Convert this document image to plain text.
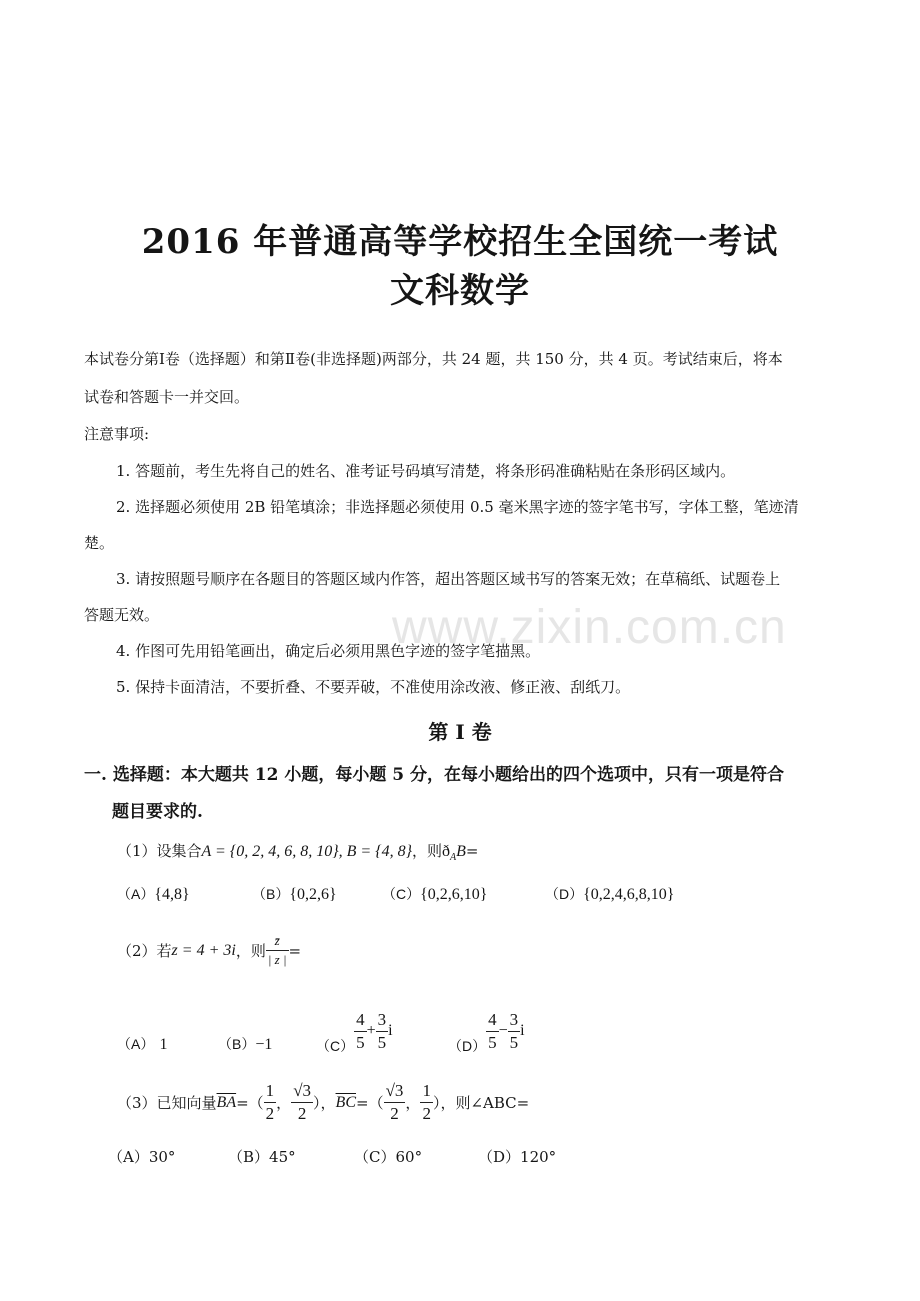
www.zixin.com.cn
2016 年普通高等学校招生全国统一考试
文科数学
本试卷分第Ⅰ卷（选择题）和第Ⅱ卷(非选择题)两部分，共 24 题，共 150 分，共 4 页。考试结束后，将本
试卷和答题卡一并交回。
注意事项:
1. 答题前，考生先将自己的姓名、准考证号码填写清楚，将条形码准确粘贴在条形码区域内。
2. 选择题必须使用 2B 铅笔填涂；非选择题必须使用 0.5 毫米黑字迹的签字笔书写，字体工整，笔迹清
楚。
3. 请按照题号顺序在各题目的答题区域内作答，超出答题区域书写的答案无效；在草稿纸、试题卷上
答题无效。
4. 作图可先用铅笔画出，确定后必须用黑色字迹的签字笔描黑。
5. 保持卡面清洁，不要折叠、不要弄破，不准使用涂改液、修正液、刮纸刀。
第 Ⅰ 卷
一. 选择题：本大题共 12 小题，每小题 5 分，在每小题给出的四个选项中，只有一项是符合
题目要求的.
（1）设集合A = {0, 2, 4, 6, 8, 10}, B = {4, 8}，则$ð_AB=$
（A）{4,8}	（B）{0,2,6}	（C）{0,2,6,10}	（D）{0,2,4,6,8,10}
（2）若 z = 4 + 3i ，则 $\frac{z̄}{| z |}$ =
（A） 1	（B）−1	$(C) \frac{4}{5} + \frac{3}{5}$ i
$(D) \frac{4}{5} - \frac{3}{5}$ i
（3）已知向量 $\overline{BA}$ =（ $\frac{1}{2}$ ， $\frac{√3}{2}$ ）， $\overline{BC}$ =（ $\frac{√3}{2}$ ， $\frac{1}{2}$ ），则∠ABC=
（A）30°	（B）45°	（C）60°	（D）120°
